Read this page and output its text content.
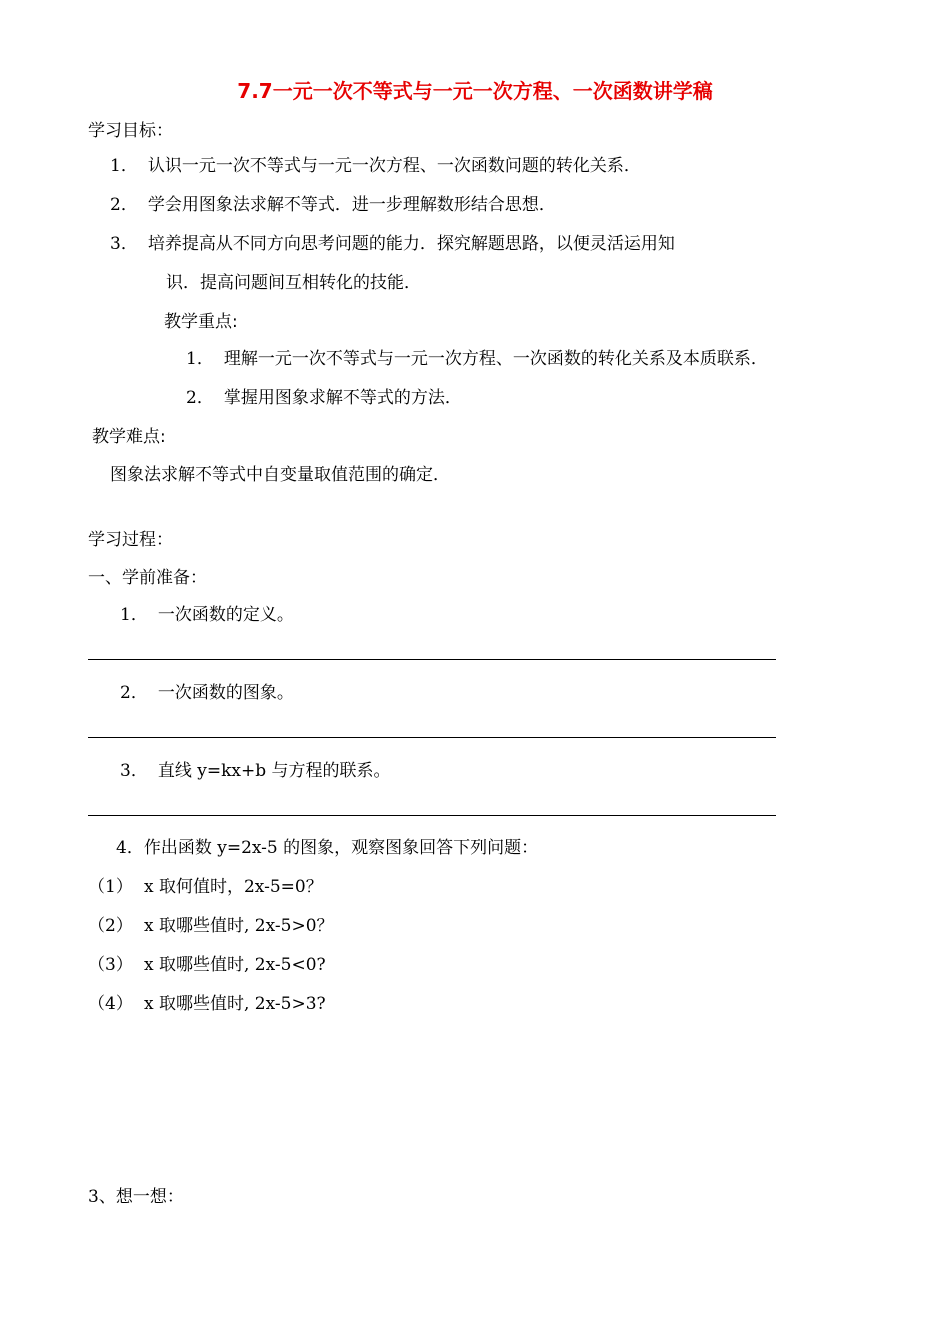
7.7一元一次不等式与一元一次方程、一次函数讲学稿
学习目标：
1． 认识一元一次不等式与一元一次方程、一次函数问题的转化关系．
2． 学会用图象法求解不等式．进一步理解数形结合思想．
3． 培养提高从不同方向思考问题的能力．探究解题思路，以便灵活运用知
识．提高问题间互相转化的技能．
教学重点:
1． 理解一元一次不等式与一元一次方程、一次函数的转化关系及本质联系．
2． 掌握用图象求解不等式的方法．
教学难点:
图象法求解不等式中自变量取值范围的确定．
学习过程：
一、学前准备：
1． 一次函数的定义。
2． 一次函数的图象。
3． 直线 y=kx+b 与方程的联系。
4．作出函数 y=2x-5 的图象，观察图象回答下列问题：
（1） x 取何值时，2x-5=0？
（2） x 取哪些值时, 2x-5>0？
（3） x 取哪些值时, 2x-5<0?
（4） x 取哪些值时, 2x-5>3?
3、想一想：
